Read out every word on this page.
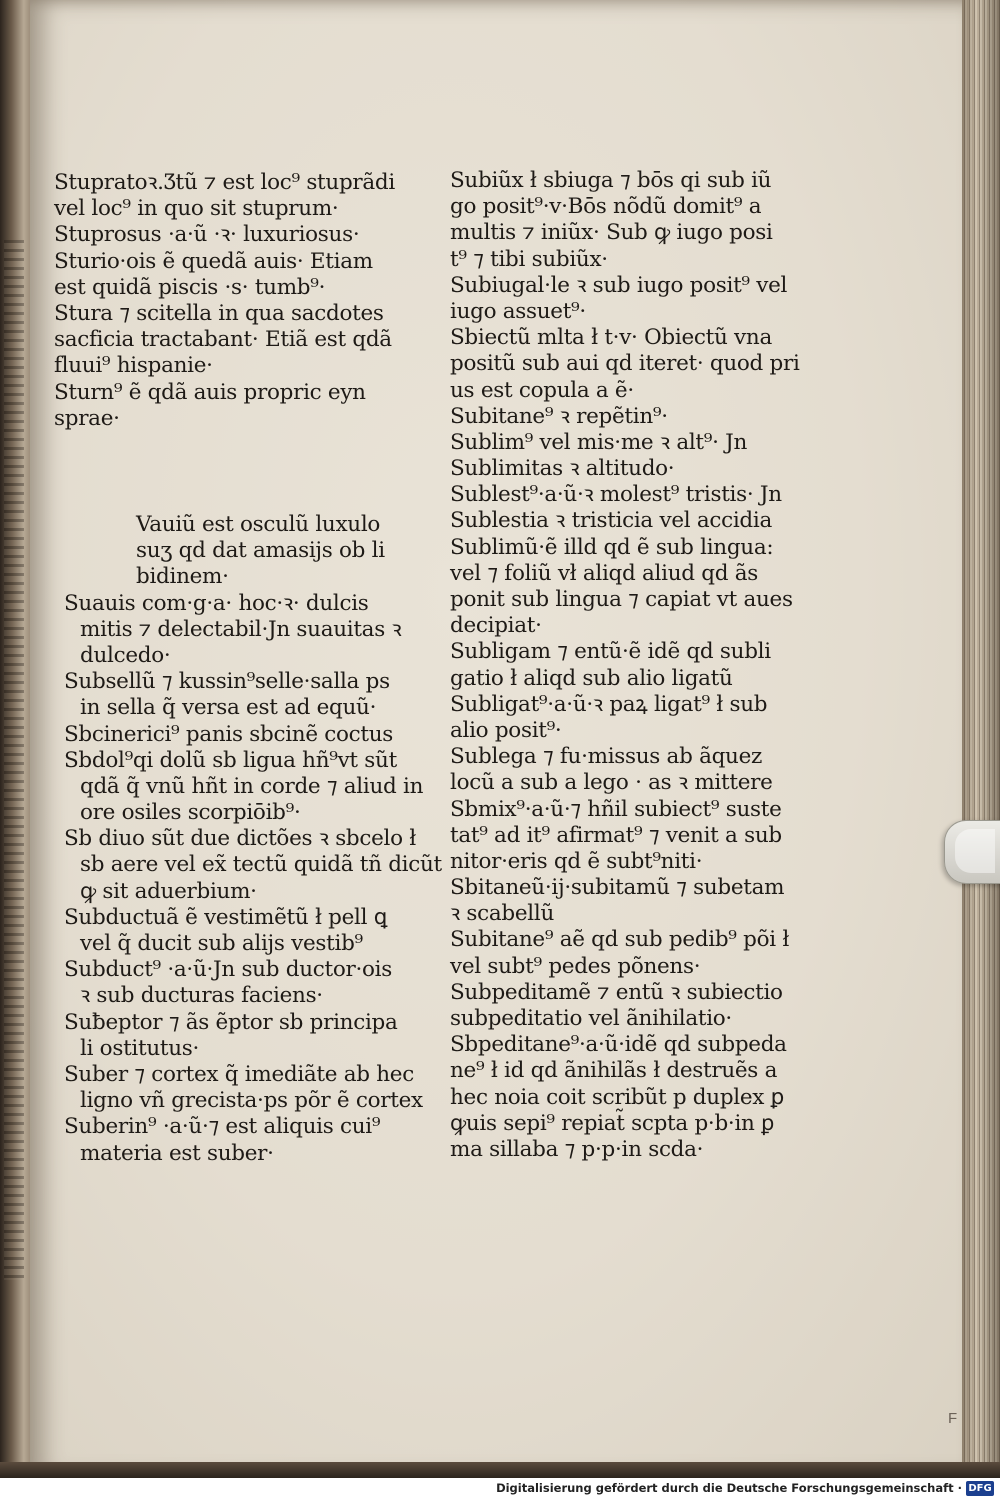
Stupratoꝛ.Ʒtũ ⁊ est loc⁹ stuprãdi
vel loc⁹ in quo sit stuprum·
Stuprosus ·a·ũ ·ꝛ· luxuriosus·
Sturio·ois ẽ quedã auis· Etiam
est quidã piscis ·s· tumb⁹·
Stura ⁊ scitella in qua sacdotes
sacficia tractabant· Etiã est qdã
fluui⁹ hispanie·
Sturn⁹ ẽ qdã auis propric eyn
sprae·
Vauiũ est osculũ luxulo
suʒ qd dat amasijs ob li
bidinem·
Suauis com·g·a· hoc·ꝛ· dulcis
mitis ⁊ delectabil·Jn suauitas ꝛ
dulcedo·
Subsellũ ⁊ kussin⁹selle·salla ps
in sella q̃ versa est ad equũ·
Sbcinerici⁹ panis sbcinẽ coctus
Sbdol⁹qi dolũ sb ligua hñ⁹vt sũt
qdã q̃ vnũ hñt in corde ⁊ aliud in
ore osiles scorpiōib⁹·
Sb diuo sũt due dictões ꝛ sbcelo ł
sb aere vel ex̃ tectũ quidã tñ dicũt
ꝙ sit aduerbium·
Subductuã ẽ vestimẽtũ ł pell ꝗ
vel q̃ ducit sub alijs vestib⁹
Subduct⁹ ·a·ũ·Jn sub ductor·ois
ꝛ sub ducturas faciens·
Suƀeptor ⁊ ãs ẽptor sb principa
li ostitutus·
Suber ⁊ cortex q̃ imediãte ab hec
ligno vñ grecista·ps põr ẽ cortex
Suberin⁹ ·a·ũ·⁊ est aliquis cui⁹
materia est suber·
Subiũx ł sbiuga ⁊ bōs qi sub iũ
go posit⁹·v·Bōs nõdũ domit⁹ a
multis ⁊ iniũx· Sub ꝙ iugo posi
t⁹ ⁊ tibi subiũx·
Subiugal·le ꝛ sub iugo posit⁹ vel
iugo assuet⁹·
Sbiectũ mlta ł t·v· Obiectũ vna
positũ sub aui qd iteret· quod pri
us est copula a ẽ·
Subitane⁹ ꝛ repẽtin⁹·
Sublim⁹ vel mis·me ꝛ alt⁹· Jn
Sublimitas ꝛ altitudo·
Sublest⁹·a·ũ·ꝛ molest⁹ tristis· Jn
Sublestia ꝛ tristicia vel accidia
Sublimũ·ẽ illd qd ẽ sub lingua:
vel ⁊ foliũ vł aliqd aliud qd ãs
ponit sub lingua ⁊ capiat vt aues
decipiat·
Subligam ⁊ entũ·ẽ idẽ qd subli
gatio ł aliqd sub alio ligatũ
Subligat⁹·a·ũ·ꝛ paꝝ ligat⁹ ł sub
alio posit⁹·
Sublega ⁊ fu·missus ab ãquez
locũ a sub a lego · as ꝛ mittere
Sbmix⁹·a·ũ·⁊ hñil subiect⁹ suste
tat⁹ ad it⁹ afirmat⁹ ⁊ venit a sub
nitor·eris qd ẽ subt⁹niti·
Sbitaneũ·ij·subitamũ ⁊ subetam
ꝛ scabellũ
Subitane⁹ aẽ qd sub pedib⁹ põi ł
vel subt⁹ pedes põnens·
Subpeditamẽ ⁊ entũ ꝛ subiectio
subpeditatio vel ãnihilatio·
Sbpeditane⁹·a·ũ·idẽ qd subpeda
ne⁹ ł id qd ãnihilãs ł destruẽs a
hec noia coit scribũt p duplex ꝑ
ꝙuis sepi⁹ repiat̃ scpta p·b·in ꝑ
ma sillaba ⁊ p·p·in scda·
F
Digitalisierung gefördert durch die Deutsche Forschungsgemeinschaft · DFG
